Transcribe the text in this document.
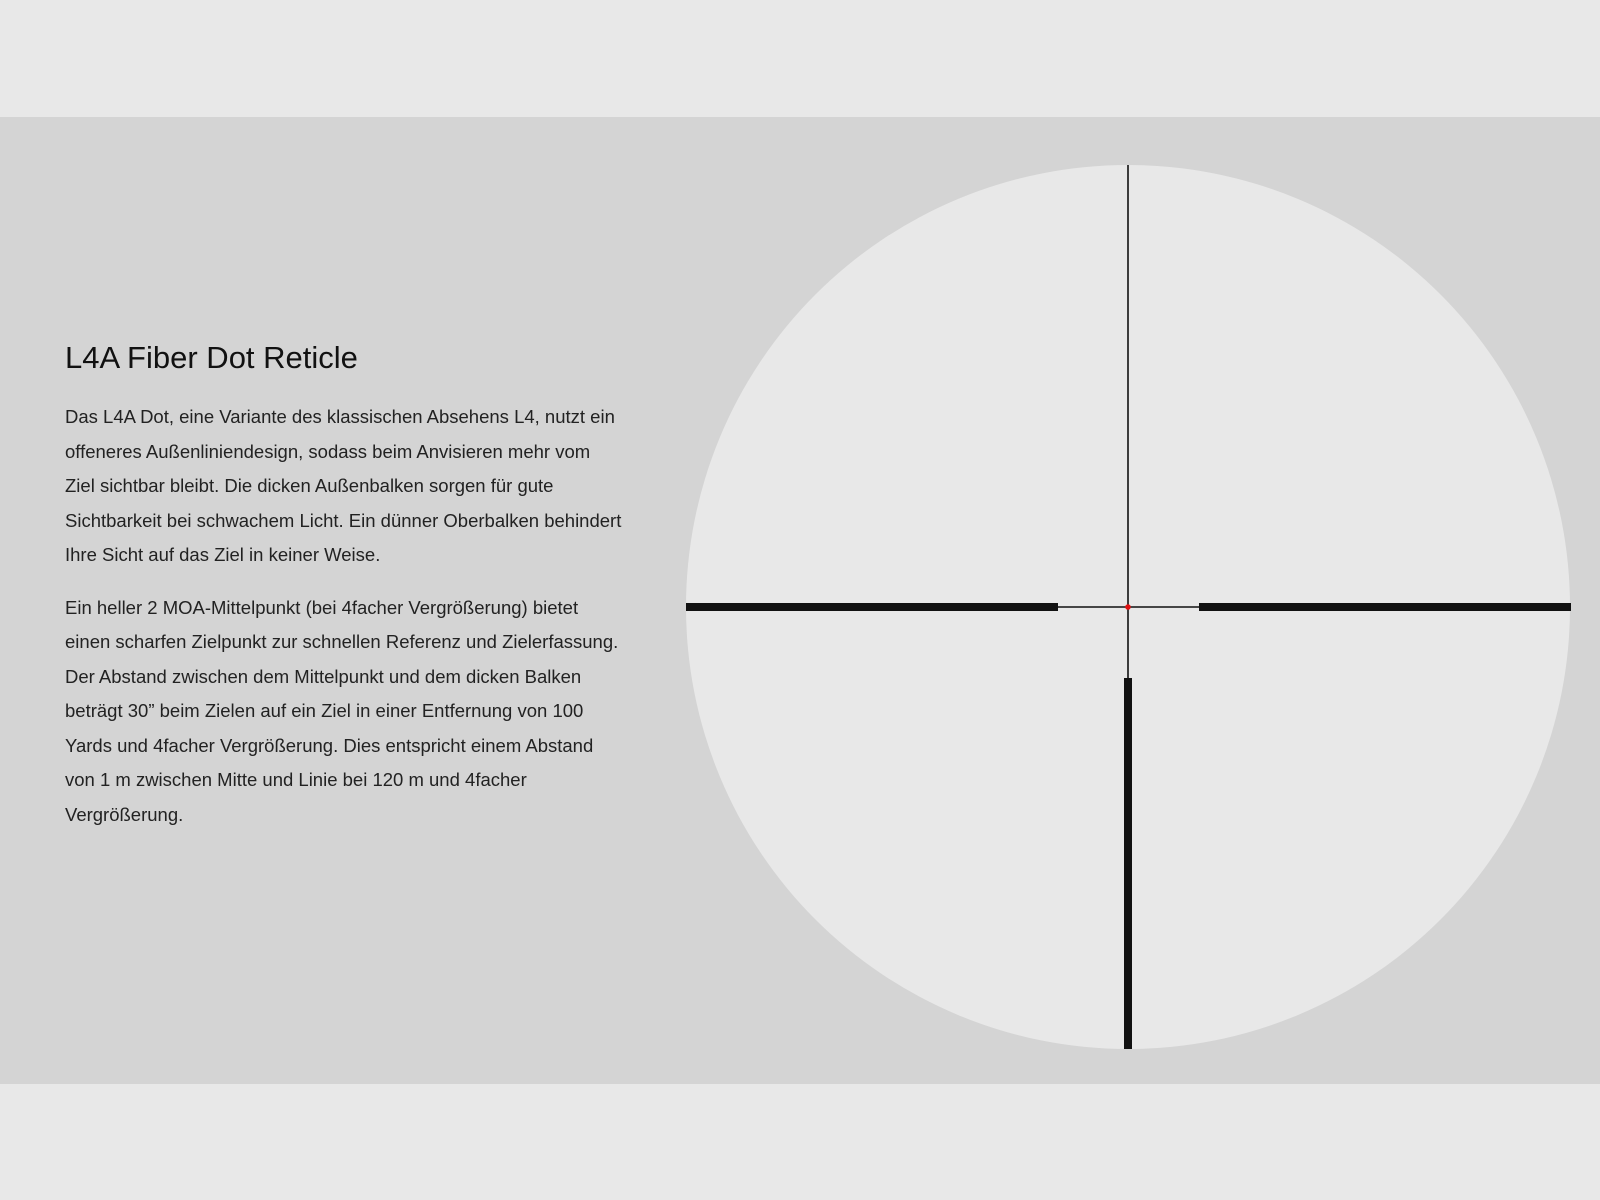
L4A Fiber Dot Reticle

Das L4A Dot, eine Variante des klassischen Absehens L4, nutzt ein offeneres Außenliniendesign, sodass beim Anvisieren mehr vom Ziel sichtbar bleibt. Die dicken Außenbalken sorgen für gute Sichtbarkeit bei schwachem Licht. Ein dünner Oberbalken behindert Ihre Sicht auf das Ziel in keiner Weise.

Ein heller 2 MOA-Mittelpunkt (bei 4facher Vergrößerung) bietet einen scharfen Zielpunkt zur schnellen Referenz und Zielerfassung. Der Abstand zwischen dem Mittelpunkt und dem dicken Balken beträgt 30” beim Zielen auf ein Ziel in einer Entfernung von 100 Yards und 4facher Vergrößerung. Dies entspricht einem Abstand von 1 m zwischen Mitte und Linie bei 120 m und 4facher Vergrößerung.
